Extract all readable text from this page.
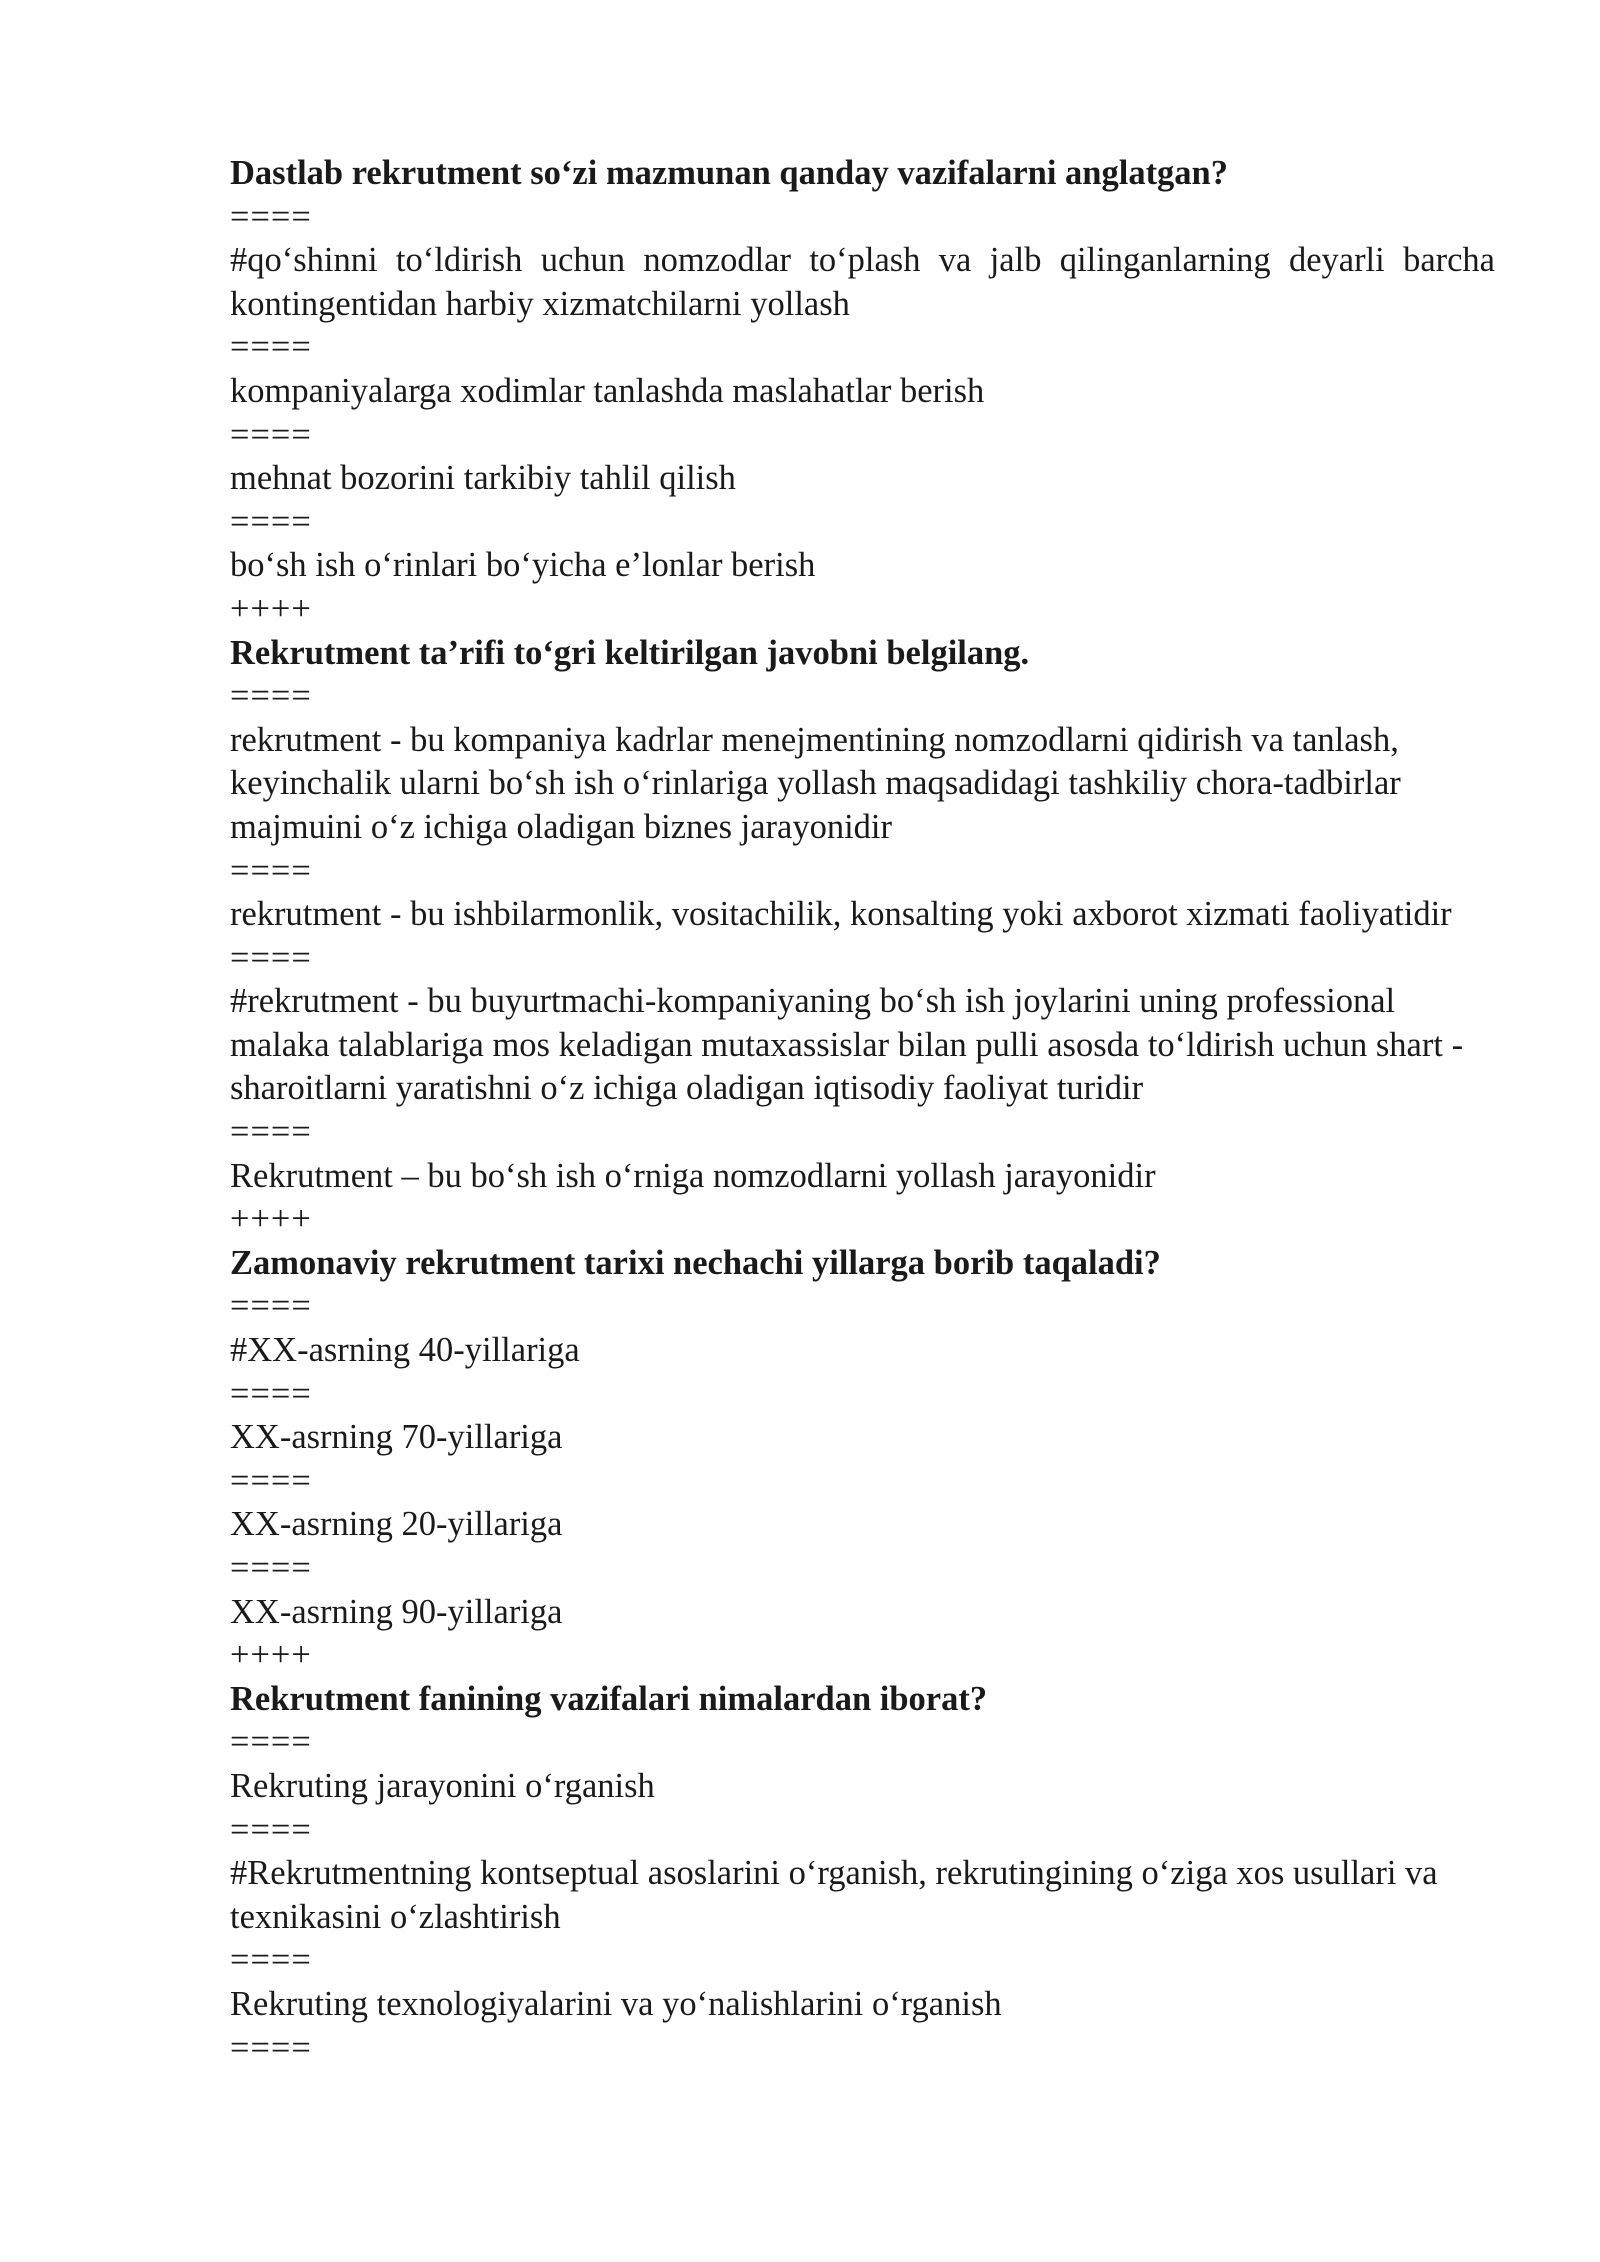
Dastlab rekrutment so‘zi mazmunan qanday vazifalarni anglatgan?

====

#qo‘shinni to‘ldirish uchun nomzodlar to‘plash va jalb qilinganlarning deyarli barcha kontingentidan harbiy xizmatchilarni yollash

====

kompaniyalarga xodimlar tanlashda maslahatlar berish

====

mehnat bozorini tarkibiy tahlil qilish

====

bo‘sh ish o‘rinlari bo‘yicha e’lonlar berish

++++

Rekrutment ta’rifi to‘gri keltirilgan javobni belgilang.

====

rekrutment - bu kompaniya kadrlar menejmentining nomzodlarni qidirish va tanlash, keyinchalik ularni bo‘sh ish o‘rinlariga yollash maqsadidagi tashkiliy chora-tadbirlar majmuini o‘z ichiga oladigan biznes jarayonidir

====

rekrutment - bu ishbilarmonlik, vositachilik, konsalting yoki axborot xizmati faoliyatidir

====

#rekrutment - bu buyurtmachi-kompaniyaning bo‘sh ish joylarini uning professional malaka talablariga mos keladigan mutaxassislar bilan pulli asosda to‘ldirish uchun shart -sharoitlarni yaratishni o‘z ichiga oladigan iqtisodiy faoliyat turidir

====

Rekrutment – bu bo‘sh ish o‘rniga nomzodlarni yollash jarayonidir

++++

Zamonaviy rekrutment tarixi nechachi yillarga borib taqaladi?

====

#XX-asrning 40-yillariga

====

XX-asrning 70-yillariga

====

XX-asrning 20-yillariga

====

XX-asrning 90-yillariga

++++

Rekrutment fanining vazifalari nimalardan iborat?

====

Rekruting jarayonini o‘rganish

====

#Rekrutmentning kontseptual asoslarini o‘rganish, rekrutingining o‘ziga xos usullari va texnikasini o‘zlashtirish

====

Rekruting texnologiyalarini va yo‘nalishlarini o‘rganish

====
